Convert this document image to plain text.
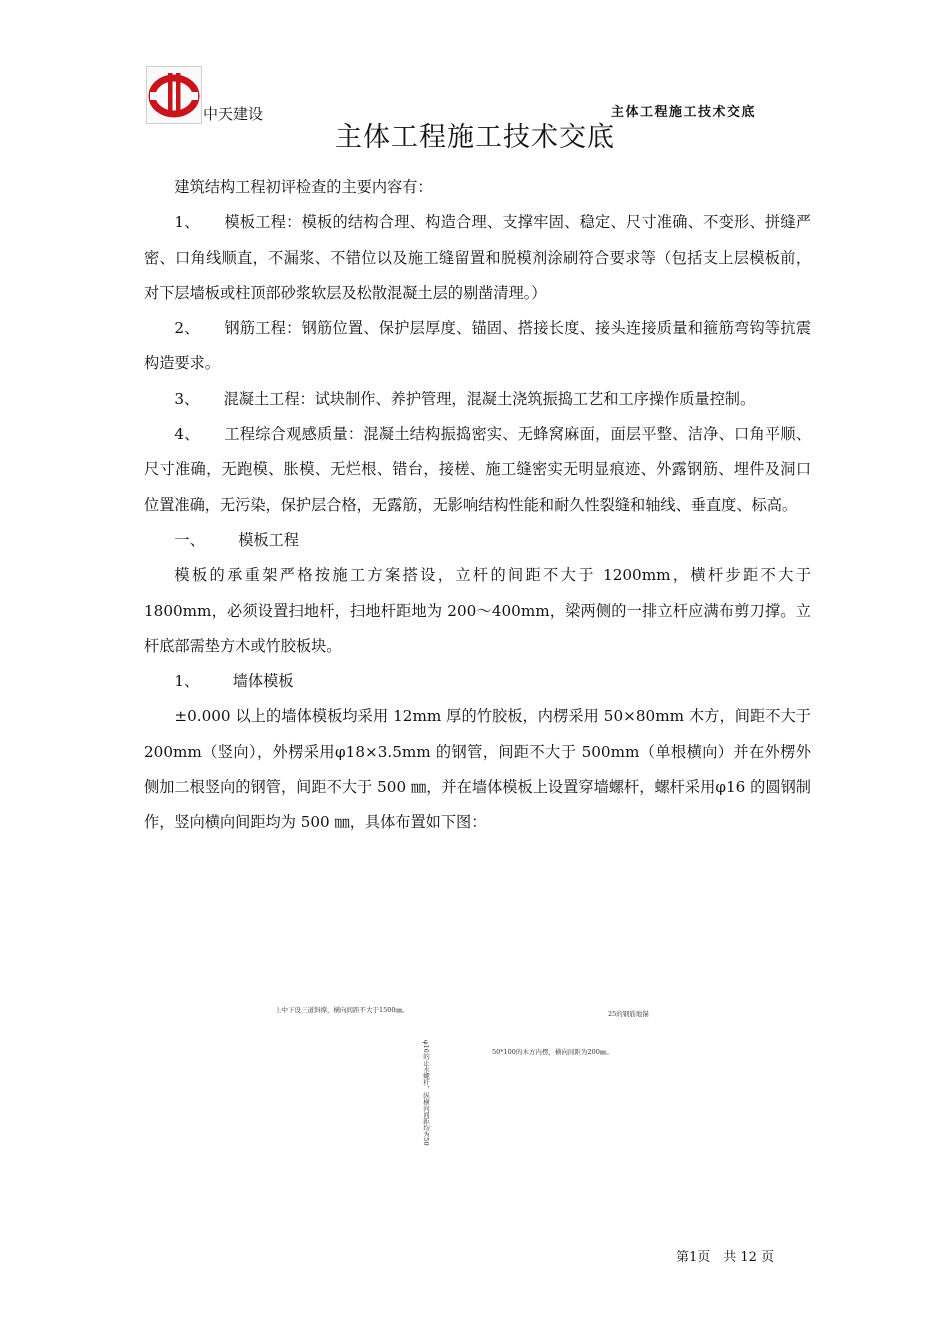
中天建设	主体工程施工技术交底
主体工程施工技术交底

建筑结构工程初评检查的主要内容有：

1、 模板工程：模板的结构合理、构造合理、支撑牢固、稳定、尺寸准确、不变形、拼缝严密、口角线顺直，不漏浆、不错位以及施工缝留置和脱模剂涂刷符合要求等（包括支上层模板前，对下层墙板或柱顶部砂浆软层及松散混凝土层的剔凿清理。）

2、 钢筋工程：钢筋位置、保护层厚度、锚固、搭接长度、接头连接质量和箍筋弯钩等抗震构造要求。

3、 混凝土工程：试块制作、养护管理，混凝土浇筑振捣工艺和工序操作质量控制。

4、 工程综合观感质量：混凝土结构振捣密实、无蜂窝麻面，面层平整、洁净、口角平顺、尺寸准确，无跑模、胀模、无烂根、错台，接槎、施工缝密实无明显痕迹、外露钢筋、埋件及洞口位置准确，无污染，保护层合格，无露筋，无影响结构性能和耐久性裂缝和轴线、垂直度、标高。

一、 模板工程

模板的承重架严格按施工方案搭设，立杆的间距不大于 1200mm，横杆步距不大于1800mm，必须设置扫地杆，扫地杆距地为 200～400mm，梁两侧的一排立杆应满布剪刀撑。立杆底部需垫方木或竹胶板块。

1、 墙体模板

±0.000 以上的墙体模板均采用 12mm 厚的竹胶板，内楞采用 50×80mm 木方，间距不大于 200mm（竖向），外楞采用φ18×3.5mm 的钢管，间距不大于 500mm（单根横向）并在外楞外侧加二根竖向的钢管，间距不大于 500 ㎜，并在墙体模板上设置穿墙螺杆，螺杆采用φ16 的圆钢制作，竖向横向间距均为 500 ㎜，具体布置如下图：

上中下设三道斜撑，横向间距不大于1500㎜。	25的钢筋地锚
50*100的木方内楞，横向间距为200㎜。
φ16的止水螺杆，纵横向间距均为50
第1页　共 12 页
